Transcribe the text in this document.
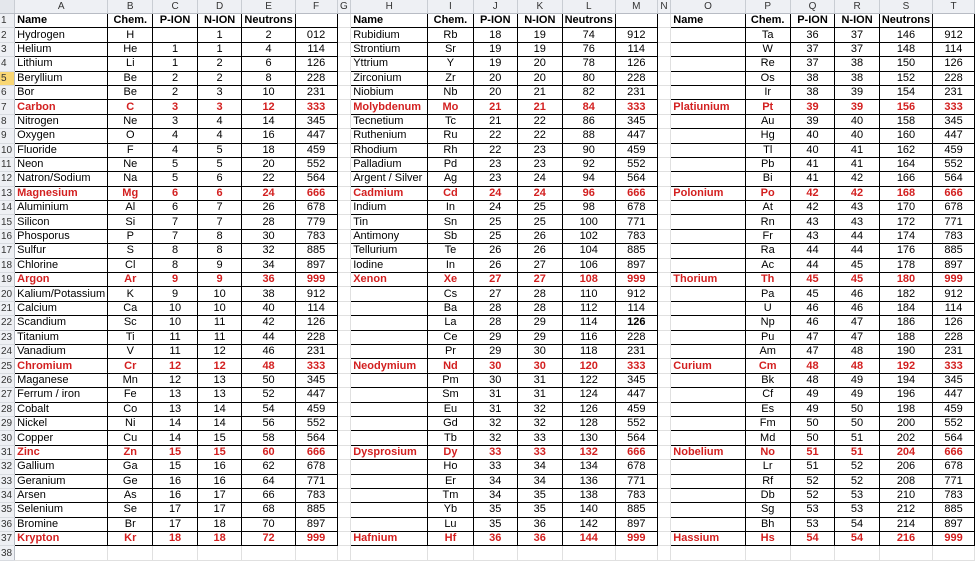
	A	B	C	D	E	F	G	H	I	J	K	L	M	N	O	P	Q	R	S	T
1	Name	Chem.	P-ION	N-ION	Neutrons			Name	Chem.	P-ION	N-ION	Neutrons			Name	Chem.	P-ION	N-ION	Neutrons	
2	Hydrogen	H		1	2	012		Rubidium	Rb	18	19	74	912			Ta	36	37	146	912
3	Helium	He	1	1	4	114		Strontium	Sr	19	19	76	114			W	37	37	148	114
4	Lithium	Li	1	2	6	126		Yttrium	Y	19	20	78	126			Re	37	38	150	126
5	Beryllium	Be	2	2	8	228		Zirconium	Zr	20	20	80	228			Os	38	38	152	228
6	Bor	Be	2	3	10	231		Niobium	Nb	20	21	82	231			Ir	38	39	154	231
7	Carbon	C	3	3	12	333		Molybdenum	Mo	21	21	84	333		Platiunium	Pt	39	39	156	333
8	Nitrogen	Ne	3	4	14	345		Tecnetium	Tc	21	22	86	345			Au	39	40	158	345
9	Oxygen	O	4	4	16	447		Ruthenium	Ru	22	22	88	447			Hg	40	40	160	447
10	Fluoride	F	4	5	18	459		Rhodium	Rh	22	23	90	459			Tl	40	41	162	459
11	Neon	Ne	5	5	20	552		Palladium	Pd	23	23	92	552			Pb	41	41	164	552
12	Natron/Sodium	Na	5	6	22	564		Argent / Silver	Ag	23	24	94	564			Bi	41	42	166	564
13	Magnesium	Mg	6	6	24	666		Cadmium	Cd	24	24	96	666		Polonium	Po	42	42	168	666
14	Aluminium	Al	6	7	26	678		Indium	In	24	25	98	678			At	42	43	170	678
15	Silicon	Si	7	7	28	779		Tin	Sn	25	25	100	771			Rn	43	43	172	771
16	Phosporus	P	7	8	30	783		Antimony	Sb	25	26	102	783			Fr	43	44	174	783
17	Sulfur	S	8	8	32	885		Tellurium	Te	26	26	104	885			Ra	44	44	176	885
18	Chlorine	Cl	8	9	34	897		Iodine	In	26	27	106	897			Ac	44	45	178	897
19	Argon	Ar	9	9	36	999		Xenon	Xe	27	27	108	999		Thorium	Th	45	45	180	999
20	Kalium/Potassium	K	9	10	38	912			Cs	27	28	110	912			Pa	45	46	182	912
21	Calcium	Ca	10	10	40	114			Ba	28	28	112	114			U	46	46	184	114
22	Scandium	Sc	10	11	42	126			La	28	29	114	126			Np	46	47	186	126
23	Titanium	Ti	11	11	44	228			Ce	29	29	116	228			Pu	47	47	188	228
24	Vanadium	V	11	12	46	231			Pr	29	30	118	231			Am	47	48	190	231
25	Chromium	Cr	12	12	48	333		Neodymium	Nd	30	30	120	333		Curium	Cm	48	48	192	333
26	Maganese	Mn	12	13	50	345			Pm	30	31	122	345			Bk	48	49	194	345
27	Ferrum / iron	Fe	13	13	52	447			Sm	31	31	124	447			Cf	49	49	196	447
28	Cobalt	Co	13	14	54	459			Eu	31	32	126	459			Es	49	50	198	459
29	Nickel	Ni	14	14	56	552			Gd	32	32	128	552			Fm	50	50	200	552
30	Copper	Cu	14	15	58	564			Tb	32	33	130	564			Md	50	51	202	564
31	Zinc	Zn	15	15	60	666		Dysprosium	Dy	33	33	132	666		Nobelium	No	51	51	204	666
32	Gallium	Ga	15	16	62	678			Ho	33	34	134	678			Lr	51	52	206	678
33	Geranium	Ge	16	16	64	771			Er	34	34	136	771			Rf	52	52	208	771
34	Arsen	As	16	17	66	783			Tm	34	35	138	783			Db	52	53	210	783
35	Selenium	Se	17	17	68	885			Yb	35	35	140	885			Sg	53	53	212	885
36	Bromine	Br	17	18	70	897			Lu	35	36	142	897			Bh	53	54	214	897
37	Krypton	Kr	18	18	72	999		Hafnium	Hf	36	36	144	999		Hassium	Hs	54	54	216	999
38																				
